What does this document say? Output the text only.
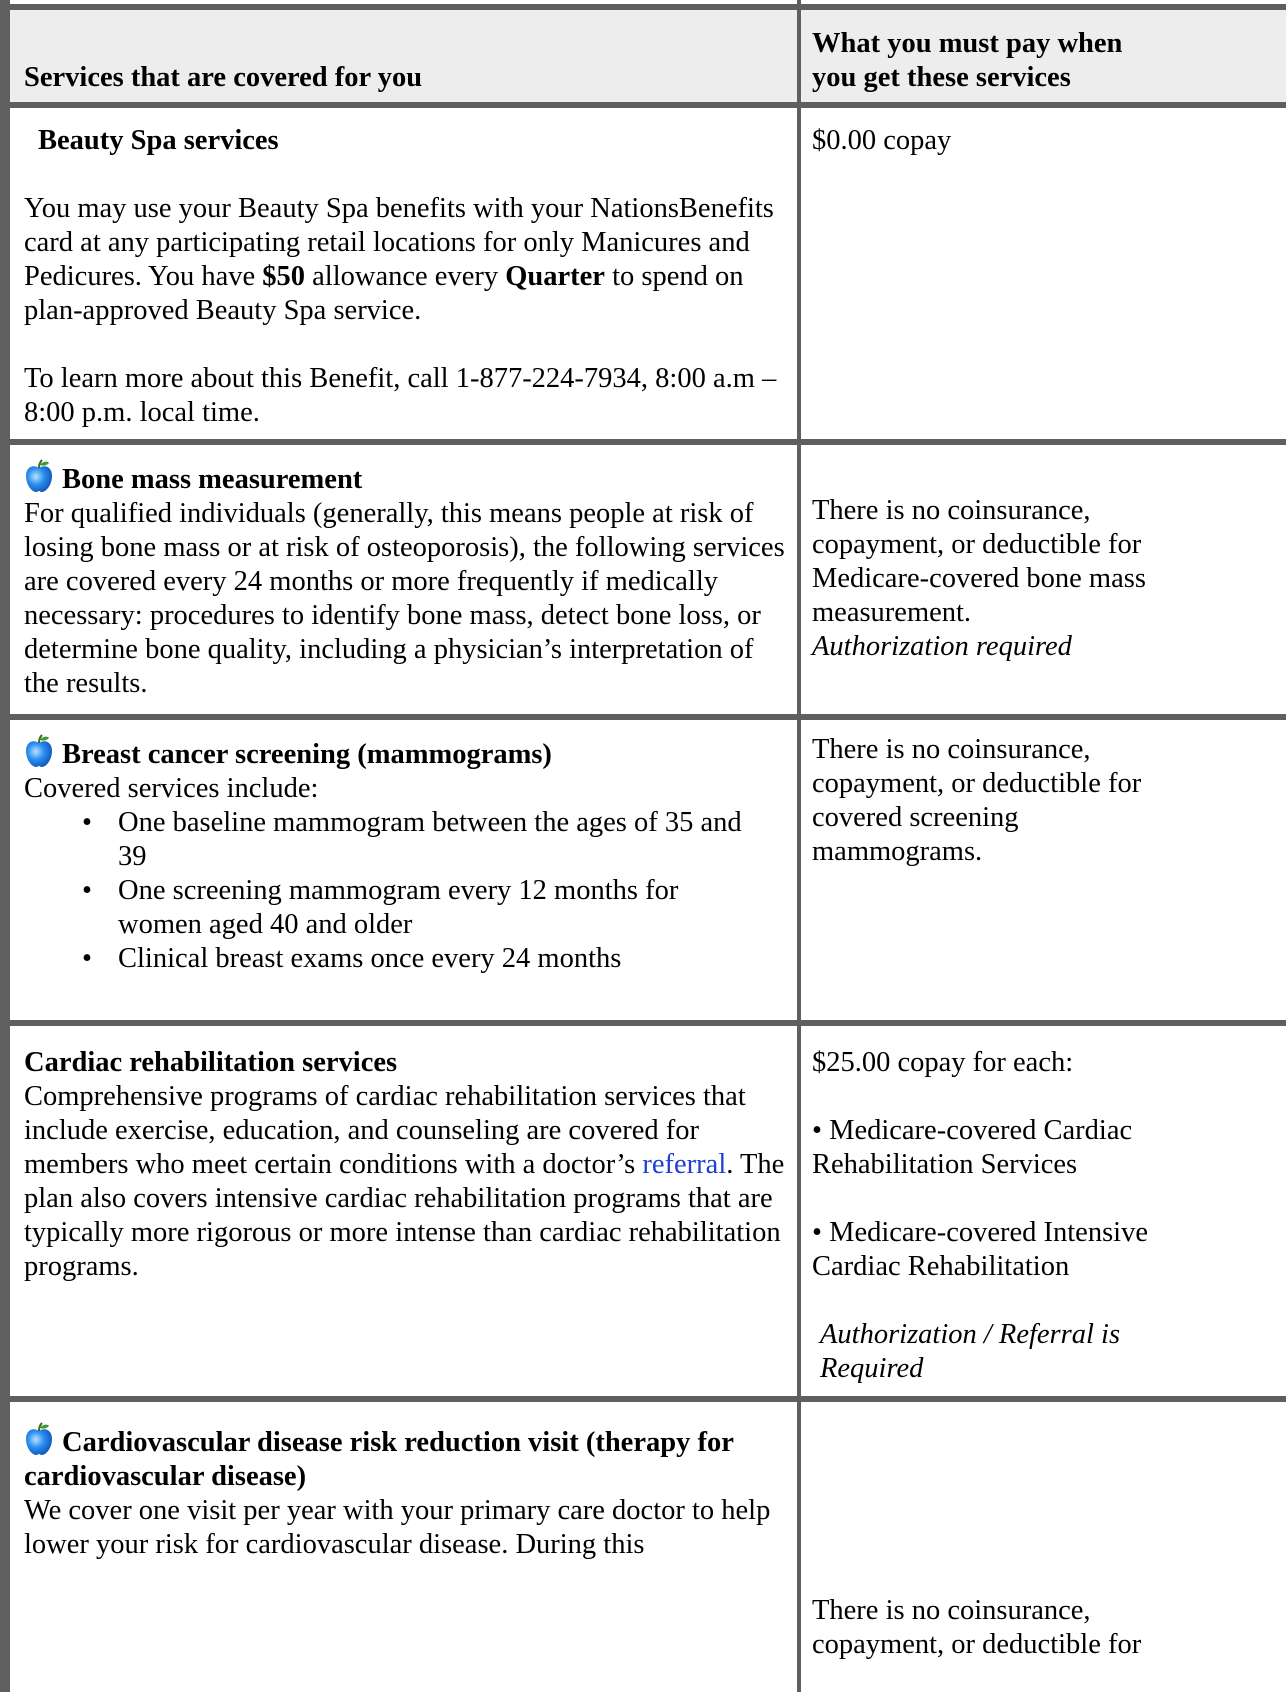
Services that are covered for you
What you must pay when you get these services

Beauty Spa services

You may use your Beauty Spa benefits with your NationsBenefits card at any participating retail locations for only Manicures and Pedicures. You have $50 allowance every Quarter to spend on plan-approved Beauty Spa service.

To learn more about this Benefit, call 1-877-224-7934, 8:00 a.m – 8:00 p.m. local time.

$0.00 copay

Bone mass measurement

For qualified individuals (generally, this means people at risk of losing bone mass or at risk of osteoporosis), the following services are covered every 24 months or more frequently if medically necessary: procedures to identify bone mass, detect bone loss, or determine bone quality, including a physician’s interpretation of the results.

There is no coinsurance, copayment, or deductible for Medicare-covered bone mass measurement.

Authorization required

Breast cancer screening (mammograms)

Covered services include:

• One baseline mammogram between the ages of 35 and 39
• One screening mammogram every 12 months for women aged 40 and older
• Clinical breast exams once every 24 months

There is no coinsurance, copayment, or deductible for covered screening mammograms.

Cardiac rehabilitation services

Comprehensive programs of cardiac rehabilitation services that include exercise, education, and counseling are covered for members who meet certain conditions with a doctor’s referral. The plan also covers intensive cardiac rehabilitation programs that are typically more rigorous or more intense than cardiac rehabilitation programs.

$25.00 copay for each:

• Medicare-covered Cardiac Rehabilitation Services

• Medicare-covered Intensive Cardiac Rehabilitation

Authorization / Referral is Required

Cardiovascular disease risk reduction visit (therapy for cardiovascular disease)

We cover one visit per year with your primary care doctor to help lower your risk for cardiovascular disease. During this

There is no coinsurance, copayment, or deductible for
